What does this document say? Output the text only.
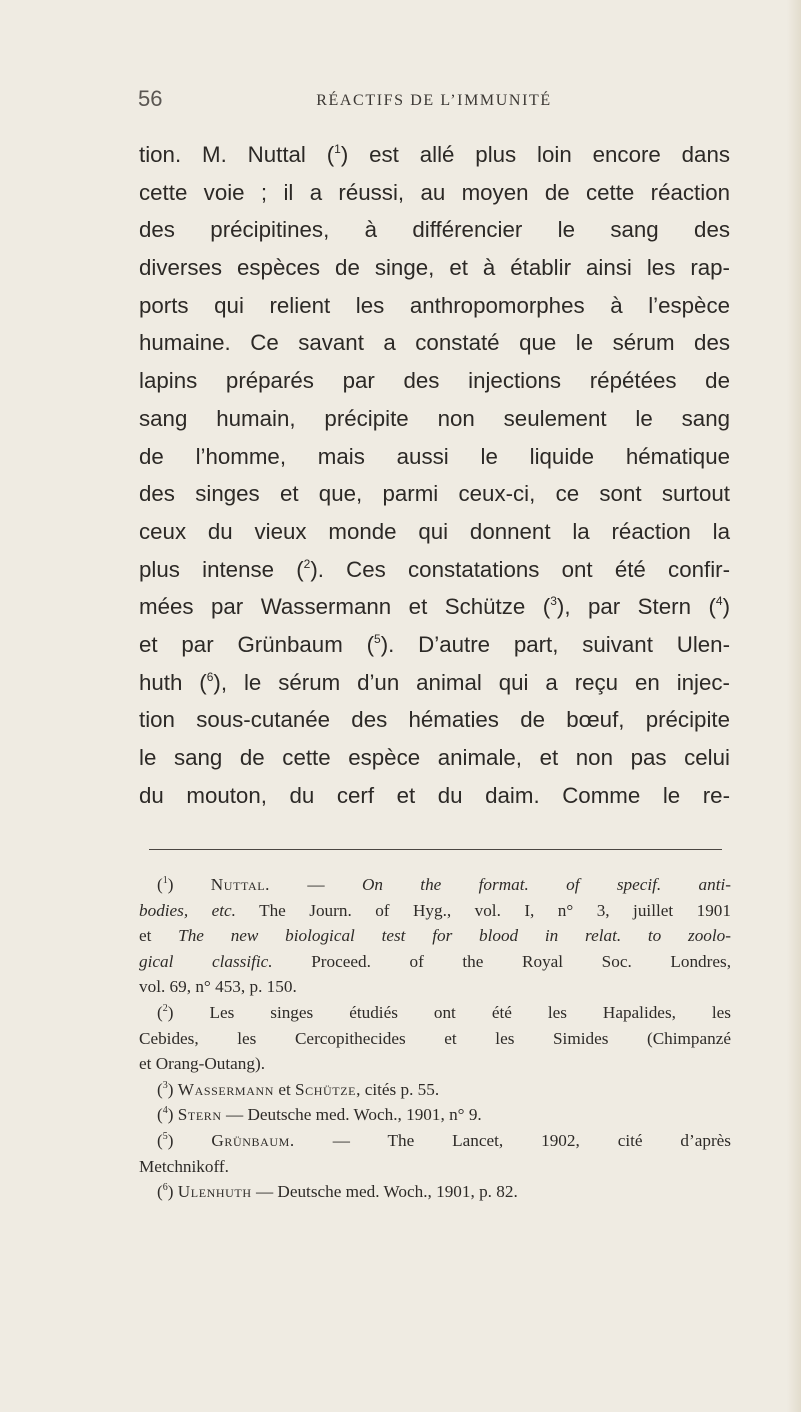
56	RÉACTIFS DE L’IMMUNITÉ
tion. M. Nuttal ($^1$) est allé plus loin encore dans
cette voie ; il a réussi, au moyen de cette réaction
des précipitines, à différencier le sang des
diverses espèces de singe, et à établir ainsi les rap-
ports qui relient les anthropomorphes à l’espèce
humaine. Ce savant a constaté que le sérum des
lapins préparés par des injections répétées de
sang humain, précipite non seulement le sang
de l’homme, mais aussi le liquide hématique
des singes et que, parmi ceux-ci, ce sont surtout
ceux du vieux monde qui donnent la réaction la
plus intense ($^2$). Ces constatations ont été confir-
mées par Wassermann et Schütze ($^3$), par Stern ($^4$)
et par Grünbaum ($^5$). D’autre part, suivant Ulen-
huth ($^6$), le sérum d’un animal qui a reçu en injec-
tion sous-cutanée des hématies de bœuf, précipite
le sang de cette espèce animale, et non pas celui
du mouton, du cerf et du daim. Comme le re-
($^1$) Nuttal. — On the format. of specif. anti-
bodies, etc. The Journ. of Hyg., vol. I, n° 3, juillet 1901
et The new biological test for blood in relat. to zoolo-
gical classific. Proceed. of the Royal Soc. Londres,
vol. 69, n° 453, p. 150.
($^2$) Les singes étudiés ont été les Hapalides, les
Cebides, les Cercopithecides et les Simides (Chimpanzé
et Orang-Outang).
($^3$) Wassermann et Schütze, cités p. 55.
($^4$) Stern — Deutsche med. Woch., 1901, n° 9.
($^5$) Grünbaum. — The Lancet, 1902, cité d’après
Metchnikoff.
($^6$) Ulenhuth — Deutsche med. Woch., 1901, p. 82.
